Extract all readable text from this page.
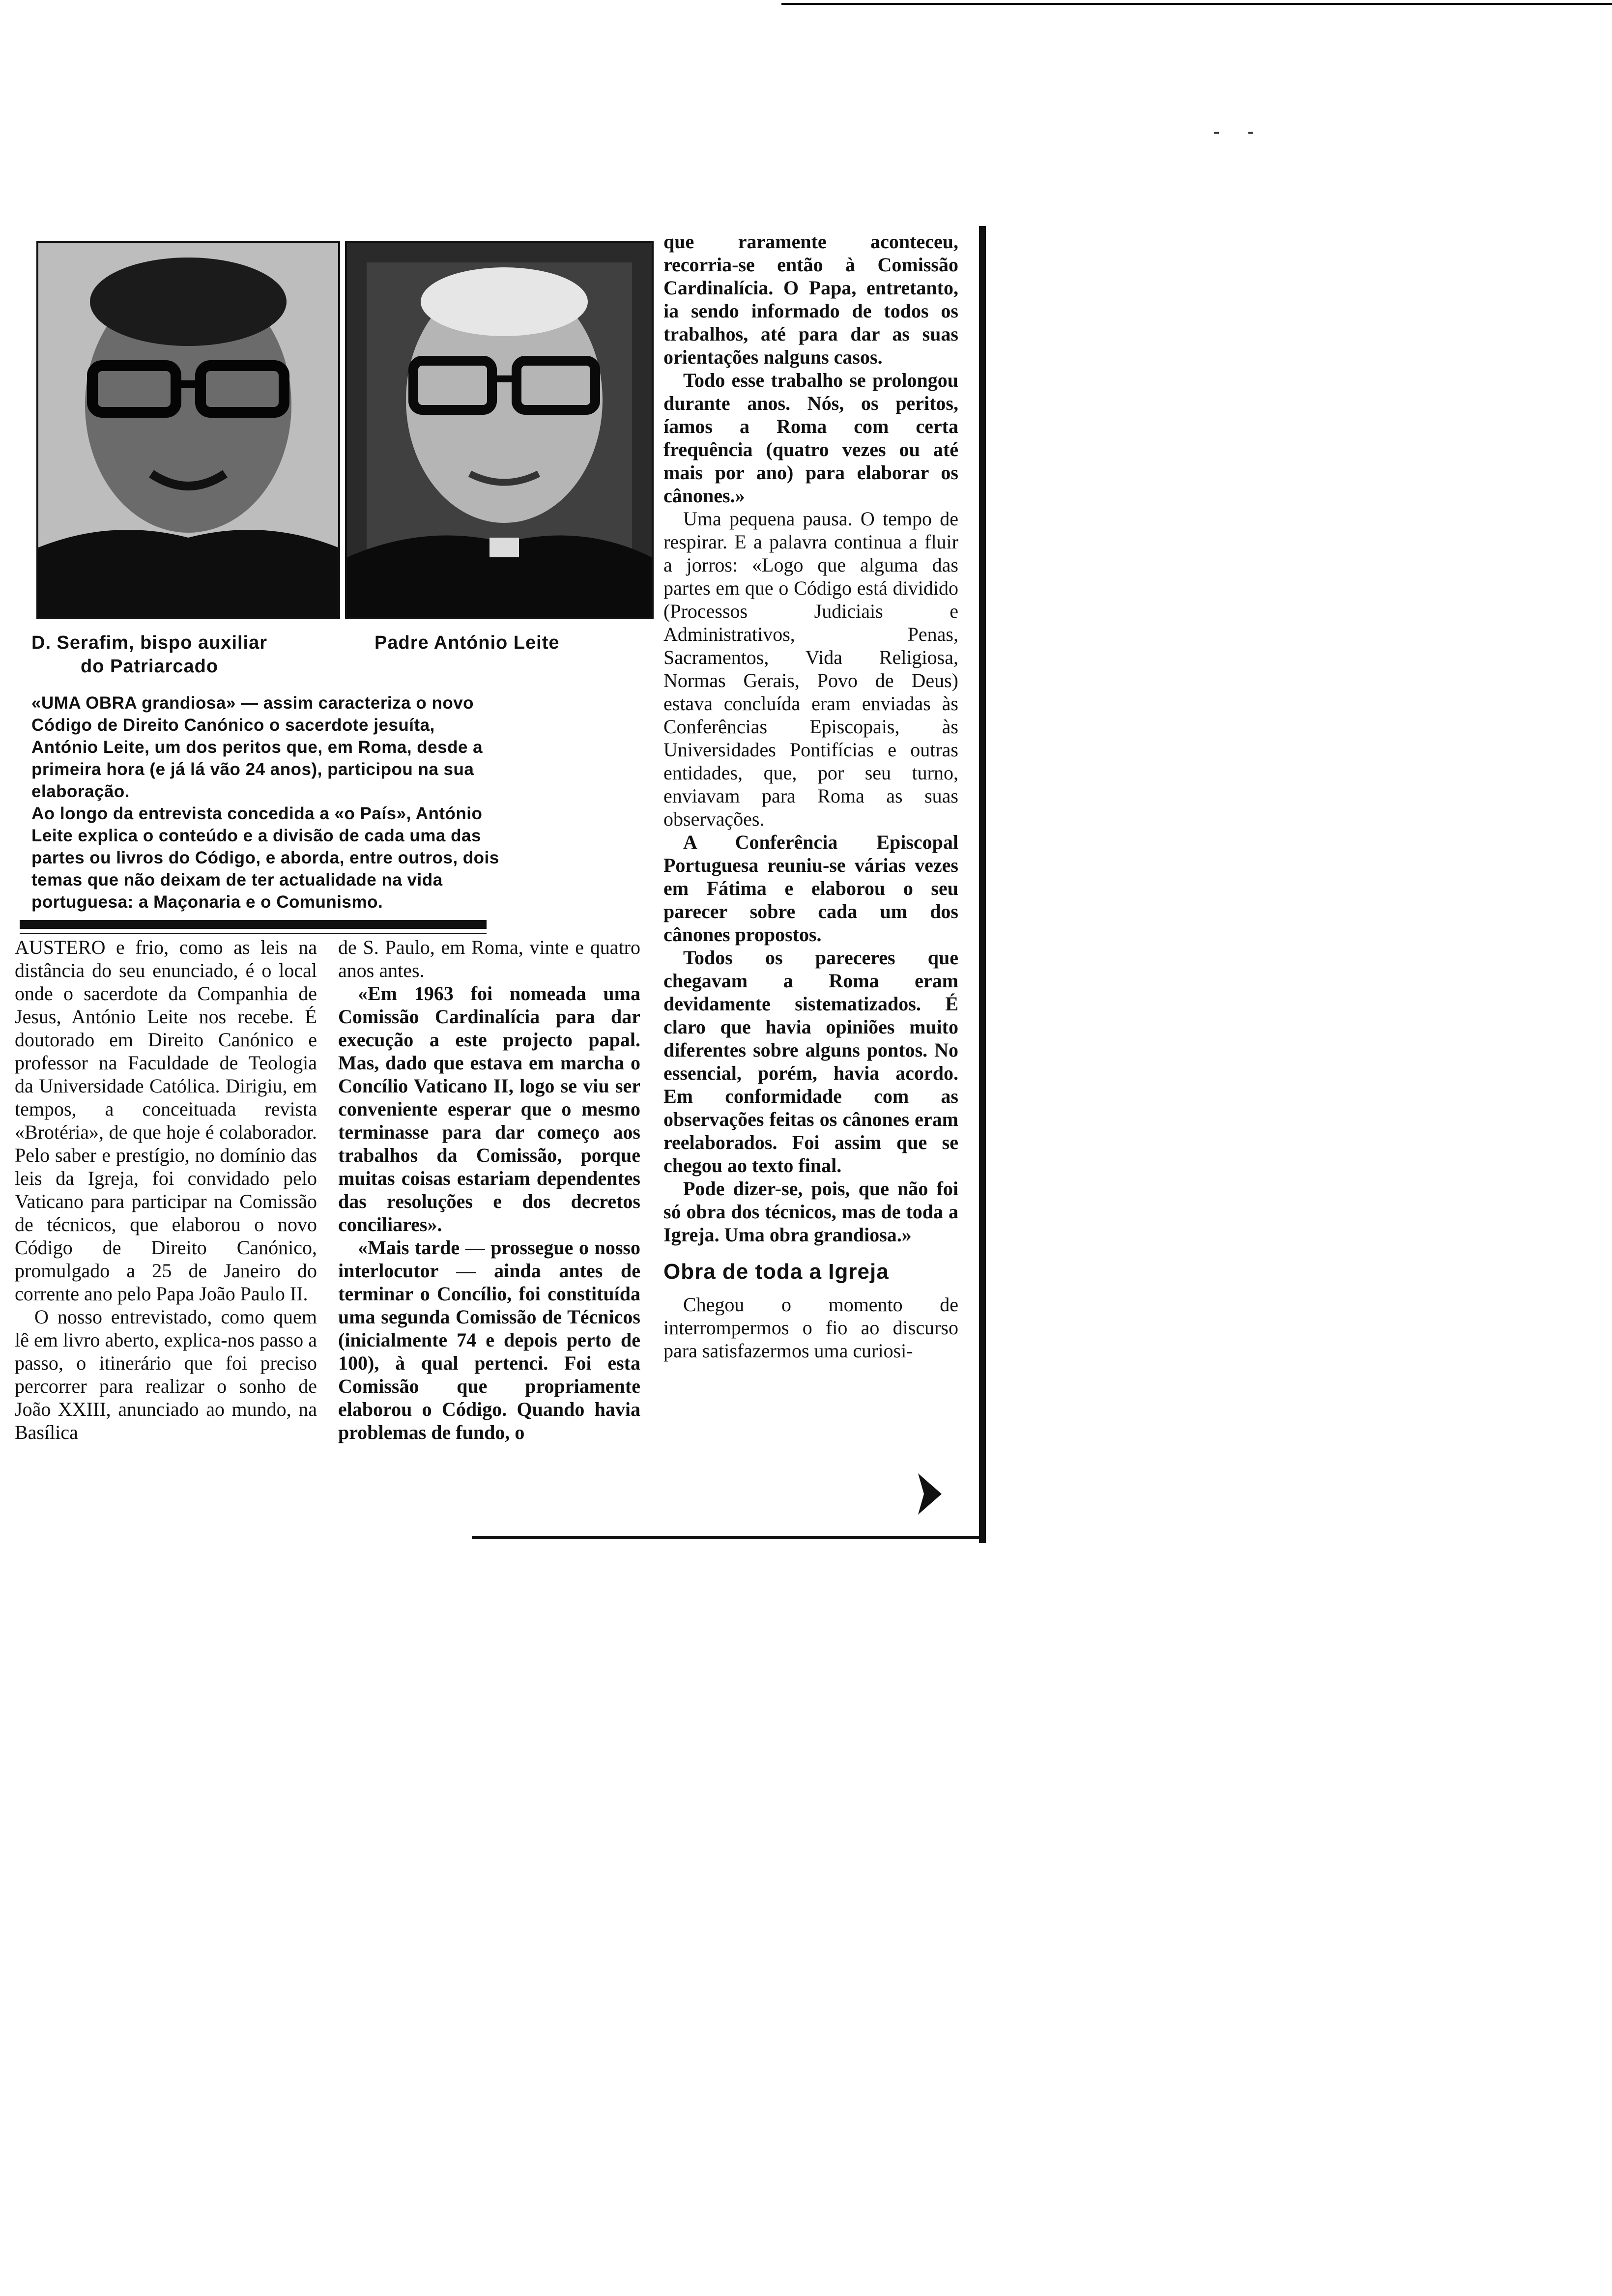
D. Serafim, bispo auxiliar
do Patriarcado
Padre António Leite
«UMA OBRA grandiosa» — assim caracteriza o novo
Código de Direito Canónico o sacerdote jesuíta,
António Leite, um dos peritos que, em Roma, desde a
primeira hora (e já lá vão 24 anos), participou na sua
elaboração.
Ao longo da entrevista concedida a «o País», António
Leite explica o conteúdo e a divisão de cada uma das
partes ou livros do Código, e aborda, entre outros, dois
temas que não deixam de ter actualidade na vida
portuguesa: a Maçonaria e o Comunismo.

AUSTERO e frio, como as leis na distância do seu enunciado, é o local onde o sacerdote da Companhia de Jesus, António Leite nos recebe. É doutorado em Direito Canónico e professor na Faculdade de Teologia da Universidade Católica. Dirigiu, em tempos, a conceituada revista «Brotéria», de que hoje é colaborador. Pelo saber e prestígio, no domínio das leis da Igreja, foi convidado pelo Vaticano para participar na Comissão de técnicos, que elaborou o novo Código de Direito Canónico, promulgado a 25 de Janeiro do corrente ano pelo Papa João Paulo II.

O nosso entrevistado, como quem lê em livro aberto, explica-nos passo a passo, o itinerário que foi preciso percorrer para realizar o sonho de João XXIII, anunciado ao mundo, na Basílica

de S. Paulo, em Roma, vinte e quatro anos antes.

«Em 1963 foi nomeada uma Comissão Cardinalícia para dar execução a este projecto papal. Mas, dado que estava em marcha o Concílio Vaticano II, logo se viu ser conveniente esperar que o mesmo terminasse para dar começo aos trabalhos da Comissão, porque muitas coisas estariam dependentes das resoluções e dos decretos conciliares».

«Mais tarde — prossegue o nosso interlocutor — ainda antes de terminar o Concílio, foi constituída uma segunda Comissão de Técnicos (inicialmente 74 e depois perto de 100), à qual pertenci. Foi esta Comissão que propriamente elaborou o Código. Quando havia problemas de fundo, o

que raramente aconteceu, recorria-se então à Comissão Cardinalícia. O Papa, entretanto, ia sendo informado de todos os trabalhos, até para dar as suas orientações nalguns casos.

Todo esse trabalho se prolongou durante anos. Nós, os peritos, íamos a Roma com certa frequência (quatro vezes ou até mais por ano) para elaborar os cânones.»

Uma pequena pausa. O tempo de respirar. E a palavra continua a fluir a jorros: «Logo que alguma das partes em que o Código está dividido (Processos Judiciais e Administrativos, Penas, Sacramentos, Vida Religiosa, Normas Gerais, Povo de Deus) estava concluída eram enviadas às Conferências Episcopais, às Universidades Pontifícias e outras entidades, que, por seu turno, enviavam para Roma as suas observações.

A Conferência Episcopal Portuguesa reuniu-se várias vezes em Fátima e elaborou o seu parecer sobre cada um dos cânones propostos.

Todos os pareceres que chegavam a Roma eram devidamente sistematizados. É claro que havia opiniões muito diferentes sobre alguns pontos. No essencial, porém, havia acordo. Em conformidade com as observações feitas os cânones eram reelaborados. Foi assim que se chegou ao texto final.

Pode dizer-se, pois, que não foi só obra dos técnicos, mas de toda a Igreja. Uma obra grandiosa.»

Obra de toda a Igreja

Chegou o momento de interrompermos o fio ao discurso para satisfazermos uma curiosi-
